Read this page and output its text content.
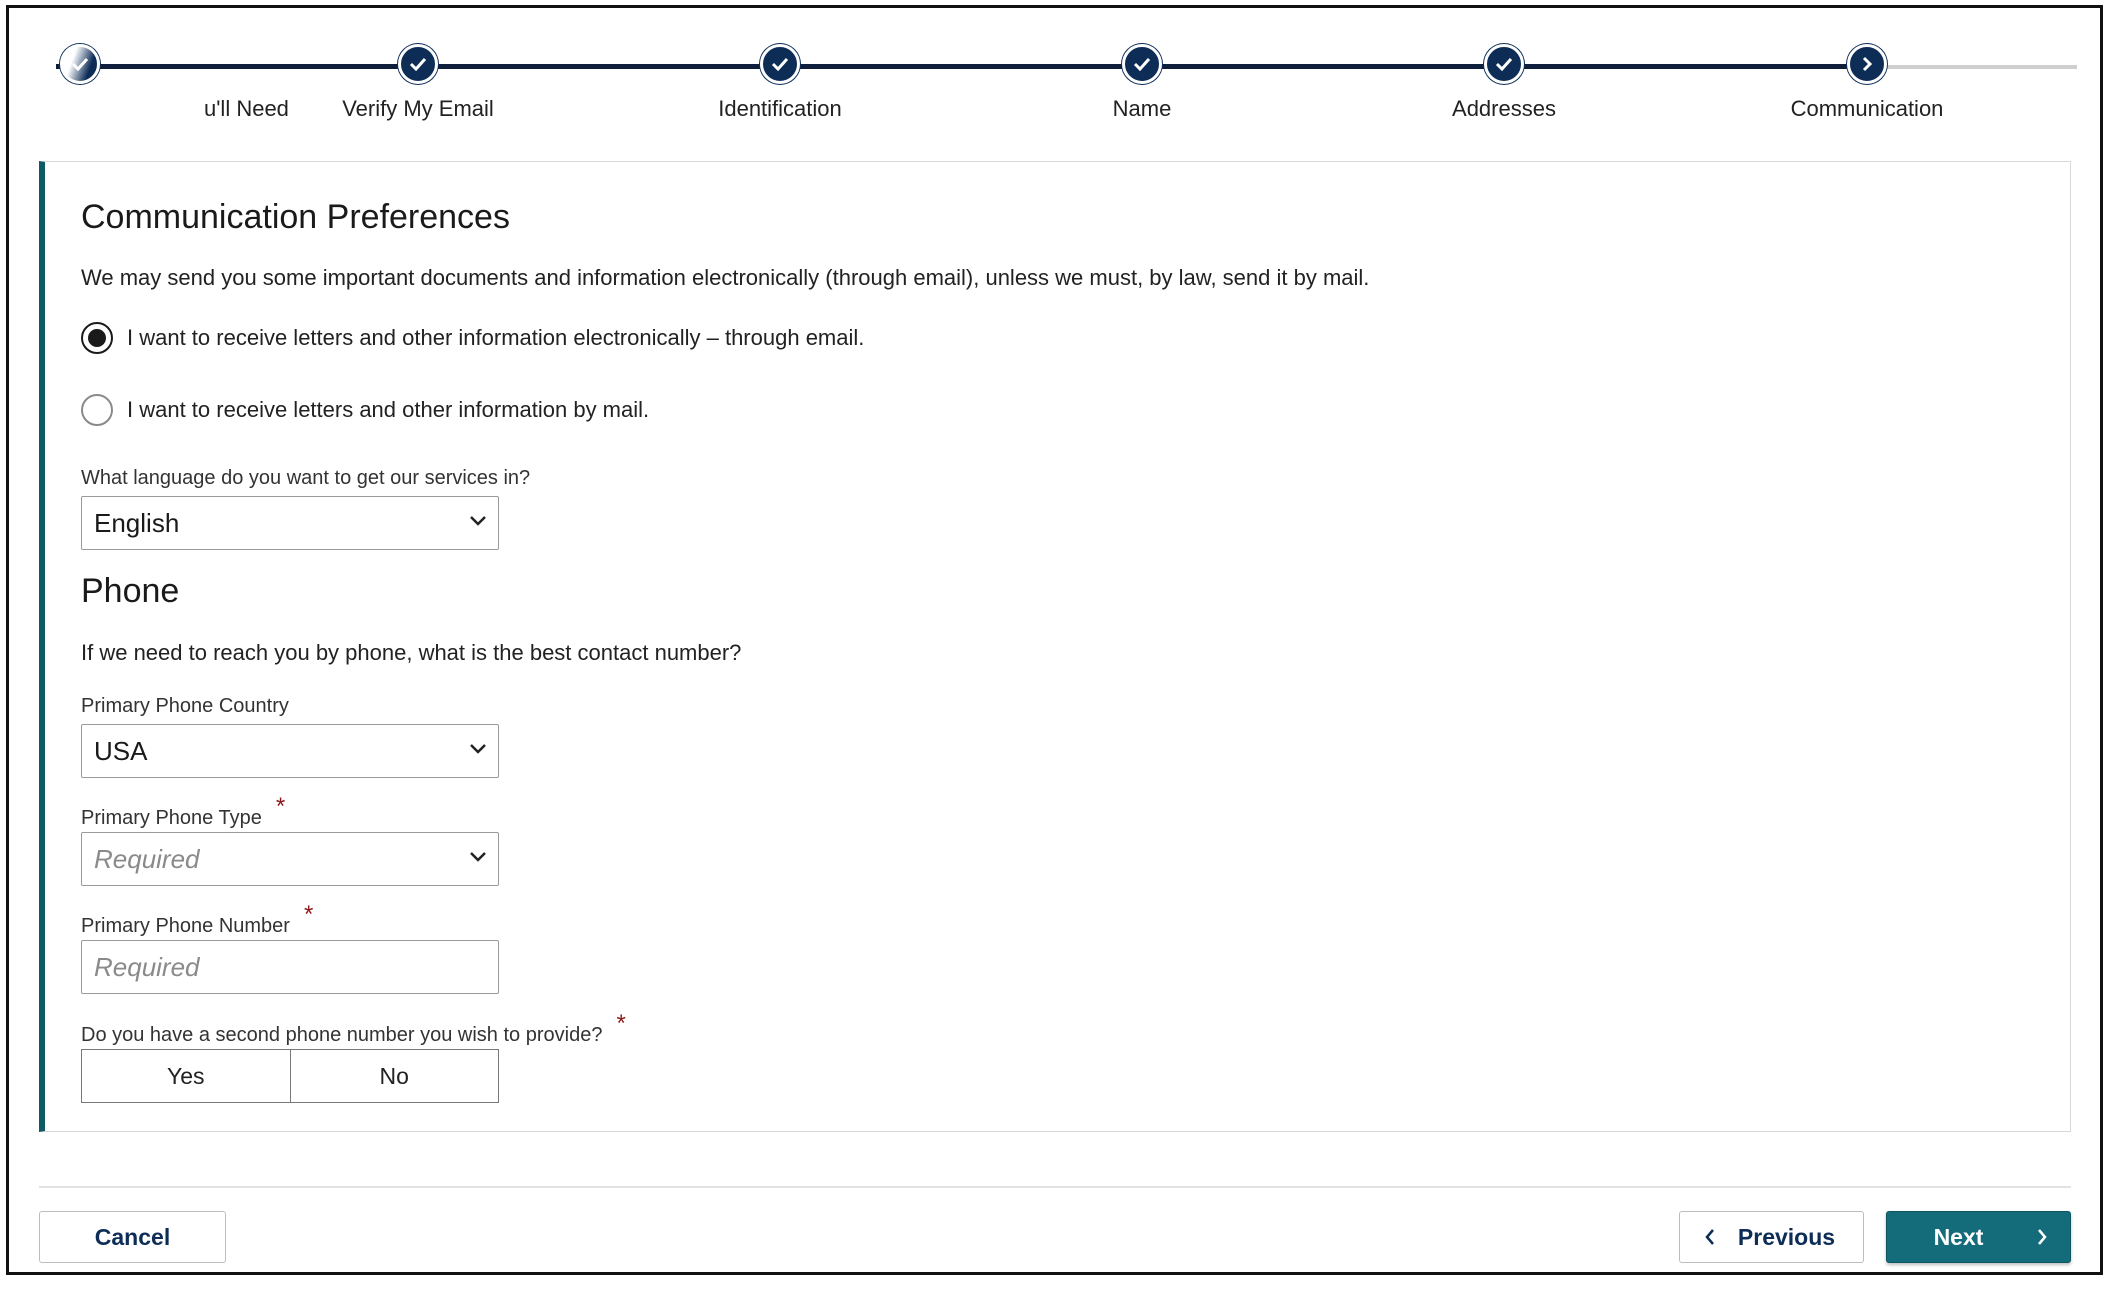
u'll Need	Verify My Email	Identification	Name	Addresses	Communication
Communication Preferences

We may send you some important documents and information electronically (through email), unless we must, by law, send it by mail.

I want to receive letters and other information electronically – through email.
I want to receive letters and other information by mail.
What language do you want to get our services in?
English
Phone

If we need to reach you by phone, what is the best contact number?

Primary Phone Country
USA
Primary Phone Type *
Required
Primary Phone Number *
Required
Do you have a second phone number you wish to provide? *
Yes	No
Cancel	Previous	Next
